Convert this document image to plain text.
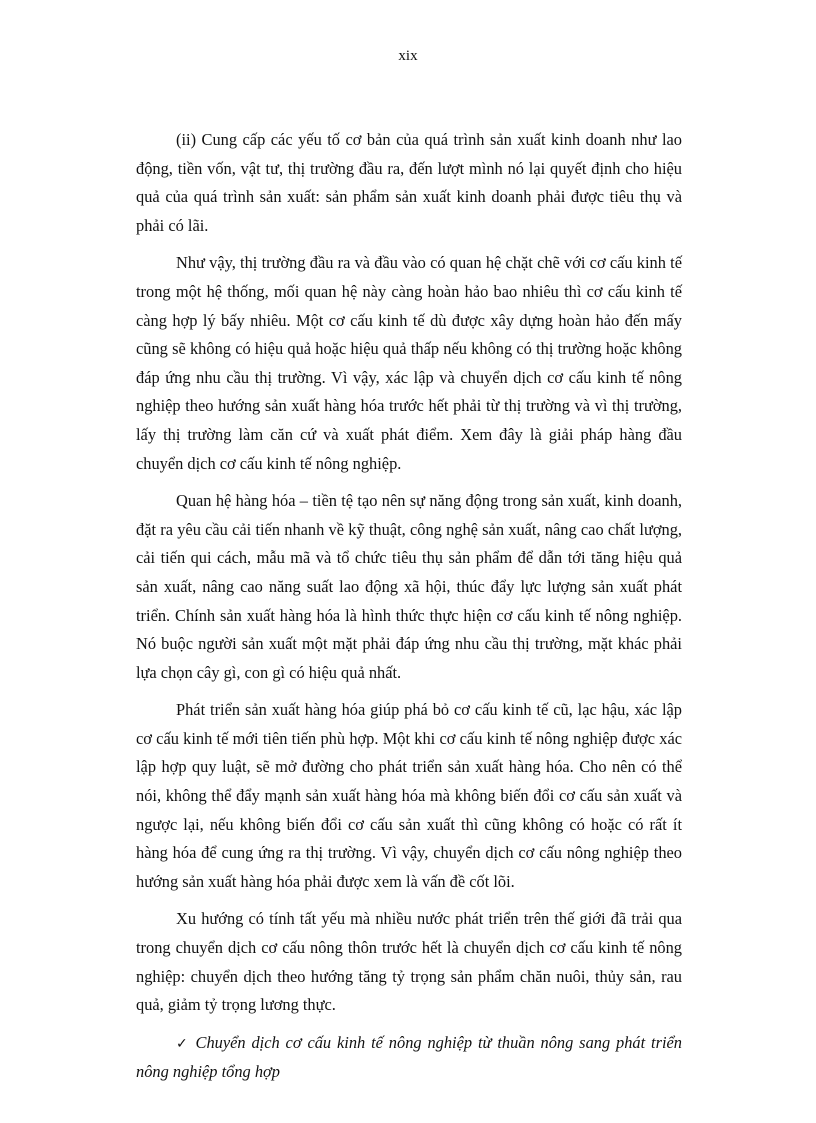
xix

(ii) Cung cấp các yếu tố cơ bản của quá trình sản xuất kinh doanh như lao động, tiền vốn, vật tư, thị trường đầu ra, đến lượt mình nó lại quyết định cho hiệu quả của quá trình sản xuất: sản phẩm sản xuất kinh doanh phải được tiêu thụ và phải có lãi.

Như vậy, thị trường đầu ra và đầu vào có quan hệ chặt chẽ với cơ cấu kinh tế trong một hệ thống, mối quan hệ này càng hoàn hảo bao nhiêu thì cơ cấu kinh tế càng hợp lý bấy nhiêu. Một cơ cấu kinh tế dù được xây dựng hoàn hảo đến mấy cũng sẽ không có hiệu quả hoặc hiệu quả thấp nếu không có thị trường hoặc không đáp ứng nhu cầu thị trường. Vì vậy, xác lập và chuyển dịch cơ cấu kinh tế nông nghiệp theo hướng sản xuất hàng hóa trước hết phải từ thị trường và vì thị trường, lấy thị trường làm căn cứ và xuất phát điểm. Xem đây là giải pháp hàng đầu chuyển dịch cơ cấu kinh tế nông nghiệp.

Quan hệ hàng hóa – tiền tệ tạo nên sự năng động trong sản xuất, kinh doanh, đặt ra yêu cầu cải tiến nhanh về kỹ thuật, công nghệ sản xuất, nâng cao chất lượng, cải tiến qui cách, mẫu mã và tổ chức tiêu thụ sản phẩm để dẫn tới tăng hiệu quả sản xuất, nâng cao năng suất lao động xã hội, thúc đẩy lực lượng sản xuất phát triển. Chính sản xuất hàng hóa là hình thức thực hiện cơ cấu kinh tế nông nghiệp. Nó buộc người sản xuất một mặt phải đáp ứng nhu cầu thị trường, mặt khác phải lựa chọn cây gì, con gì có hiệu quả nhất.

Phát triển sản xuất hàng hóa giúp phá bỏ cơ cấu kinh tế cũ, lạc hậu, xác lập cơ cấu kinh tế mới tiên tiến phù hợp. Một khi cơ cấu kinh tế nông nghiệp được xác lập hợp quy luật, sẽ mở đường cho phát triển sản xuất hàng hóa. Cho nên có thể nói, không thể đẩy mạnh sản xuất hàng hóa mà không biến đổi cơ cấu sản xuất và ngược lại, nếu không biến đổi cơ cấu sản xuất thì cũng không có hoặc có rất ít hàng hóa để cung ứng ra thị trường. Vì vậy, chuyển dịch cơ cấu nông nghiệp theo hướng sản xuất hàng hóa phải được xem là vấn đề cốt lõi.

Xu hướng có tính tất yếu mà nhiều nước phát triển trên thế giới đã trải qua trong chuyển dịch cơ cấu nông thôn trước hết là chuyển dịch cơ cấu kinh tế nông nghiệp: chuyển dịch theo hướng tăng tỷ trọng sản phẩm chăn nuôi, thủy sản, rau quả, giảm tỷ trọng lương thực.

✓ Chuyển dịch cơ cấu kinh tế nông nghiệp từ thuần nông sang phát triển nông nghiệp tổng hợp
